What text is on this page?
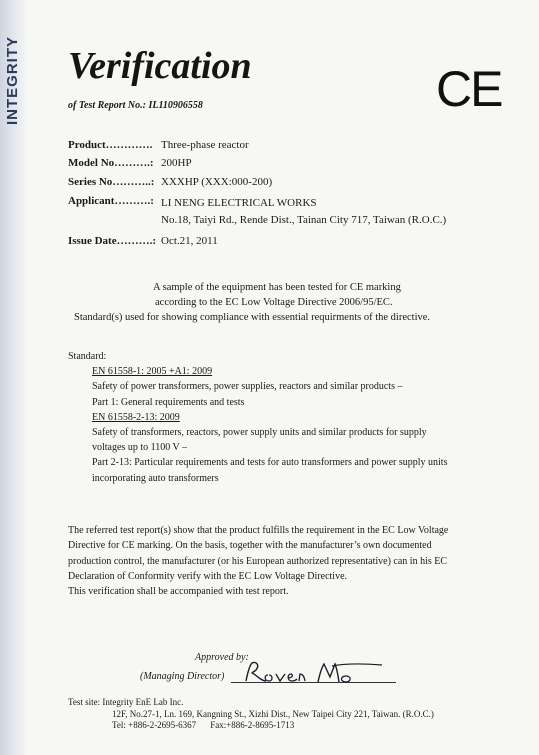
INTEGRITY Verification
of Test Report No.: IL110906558	CE
Product…………. Three-phase reactor
Model No……….: 200HP
Series No………..: XXXHP (XXX:000-200)
Applicant……….: LI NENG ELECTRICAL WORKS
No.18, Taiyi Rd., Rende Dist., Tainan City 717, Taiwan (R.O.C.)
Issue Date……….: Oct.21, 2011
A sample of the equipment has been tested for CE marking
according to the EC Low Voltage Directive 2006/95/EC.
Standard(s) used for showing compliance with essential requirments of the directive.
Standard:
EN 61558-1: 2005 +A1: 2009
Safety of power transformers, power supplies, reactors and similar products –
Part 1: General requirements and tests
EN 61558-2-13: 2009
Safety of transformers, reactors, power supply units and similar products for supply
voltages up to 1100 V –
Part 2-13: Particular requirements and tests for auto transformers and power supply units
incorporating auto transformers
The referred test report(s) show that the product fulfills the requirement in the EC Low Voltage
Directive for CE marking. On the basis, together with the manufacturer’s own documented
production control, the manufacturer (or his European authorized representative) can in his EC
Declaration of Conformity verify with the EC Low Voltage Directive.
This verification shall be accompanied with test report.
Approved by:
(Managing Director)
Test site: Integrity EnE Lab Inc.
12F, No.27-1, Ln. 169, Kangning St., Xizhi Dist., New Taipei City 221, Taiwan. (R.O.C.)
Tel: +886-2-2695-6367 Fax:+886-2-8695-1713
